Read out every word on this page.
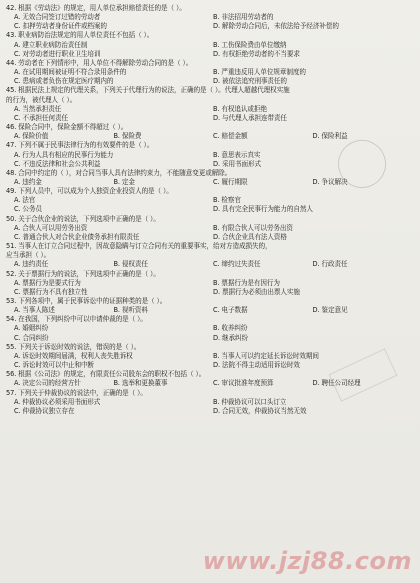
42. 根据《劳动法》的规定，用人单位承担赔偿责任的是（ ）。
A. 无效合同签订过错的劳动者	B. 非法招用劳动者的
C. 扣押劳动者身份证件或档案的	D. 解除劳动合同后，未依法给予经济补偿的
43. 职业病防治法规定的用人单位责任不包括（ ）。
A. 建立职业病防治责任制	B. 工伤保险费由单位缴纳
C. 对劳动者进行职业卫生培训	D. 有权拒绝劳动者的不当要求
44. 劳动者在下列情形中，用人单位不得解除劳动合同的是（ ）。
A. 在试用期间被证明不符合录用条件的	B. 严重违反用人单位规章制度的
C. 患病或者负伤在规定医疗期内的	D. 被依法追究刑事责任的
45. 根据民法上规定的代理关系，下列关于代理行为的说法，正确的是（ ）。代理人超越代理权实施
的行为，被代理人（ ）。
A. 当然承担责任	B. 有权追认或拒绝
C. 不承担任何责任	D. 与代理人承担连带责任
46. 保险合同中，保险金额不得超过（ ）。
A. 保险价值	B. 保险费	C. 赔偿金额	D. 保险利益
47. 下列不属于民事法律行为的有效要件的是（ ）。
A. 行为人具有相应的民事行为能力	B. 意思表示真实
C. 不违反法律和社会公共利益	D. 采用书面形式
48. 合同中约定的（ ），对合同当事人具有法律约束力，不能随意变更或解除。
A. 违约金	B. 定金	C. 履行期限	D. 争议解决
49. 下列人员中，可以成为个人独资企业投资人的是（ ）。
A. 法官	B. 检察官
C. 公务员	D. 具有完全民事行为能力的自然人
50. 关于合伙企业的说法，下列选项中正确的是（ ）。
A. 合伙人可以用劳务出资	B. 有限合伙人可以劳务出资
C. 普通合伙人对合伙企业债务承担有限责任	D. 合伙企业具有法人资格
51. 当事人在订立合同过程中，因故意隐瞒与订立合同有关的重要事实，给对方造成损失的，
应当承担（ ）。
A. 违约责任	B. 侵权责任	C. 缔约过失责任	D. 行政责任
52. 关于票据行为的说法，下列选项中正确的是（ ）。
A. 票据行为是要式行为	B. 票据行为是有因行为
C. 票据行为不具有独立性	D. 票据行为必须由出票人实施
53. 下列各项中，属于民事诉讼中的证据种类的是（ ）。
A. 当事人陈述	B. 视听资料	C. 电子数据	D. 鉴定意见
54. 在我国，下列纠纷中可以申请仲裁的是（ ）。
A. 婚姻纠纷	B. 收养纠纷
C. 合同纠纷	D. 继承纠纷
55. 下列关于诉讼时效的说法，错误的是（ ）。
A. 诉讼时效期间届满，权利人丧失胜诉权	B. 当事人可以约定延长诉讼时效期间
C. 诉讼时效可以中止和中断	D. 法院不得主动适用诉讼时效
56. 根据《公司法》的规定，有限责任公司股东会的职权不包括（ ）。
A. 决定公司的经营方针	B. 选举和更换董事	C. 审议批准年度预算	D. 聘任公司经理
57. 下列关于仲裁协议的说法中，正确的是（ ）。
A. 仲裁协议必须采用书面形式	B. 仲裁协议可以口头订立
C. 仲裁协议独立存在	D. 合同无效，仲裁协议当然无效
www.jzj88.com
